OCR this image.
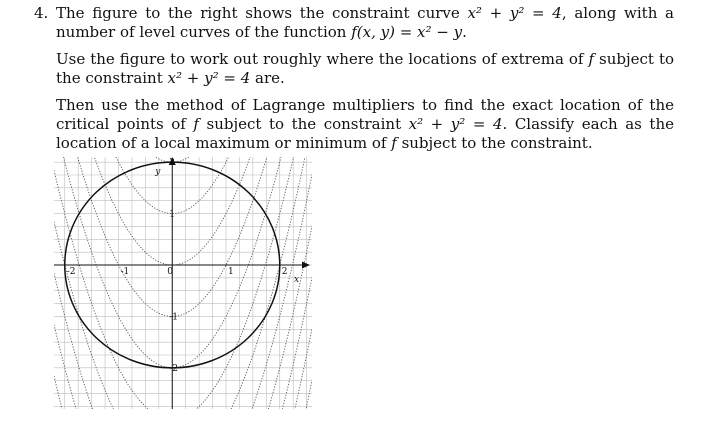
4. The figure to the right shows the constraint curve x² + y² = 4, along with a number of level curves of the function f(x, y) = x² − y.
Use the figure to work out roughly where the locations of extrema of f subject to the constraint x² + y² = 4 are.
Then use the method of Lagrange multipliers to find the exact location of the critical points of f subject to the constraint x² + y² = 4. Classify each as the location of a local maximum or minimum of f subject to the constraint.
-2	-1	0	1	2
2
1
-1
-2
x
y
